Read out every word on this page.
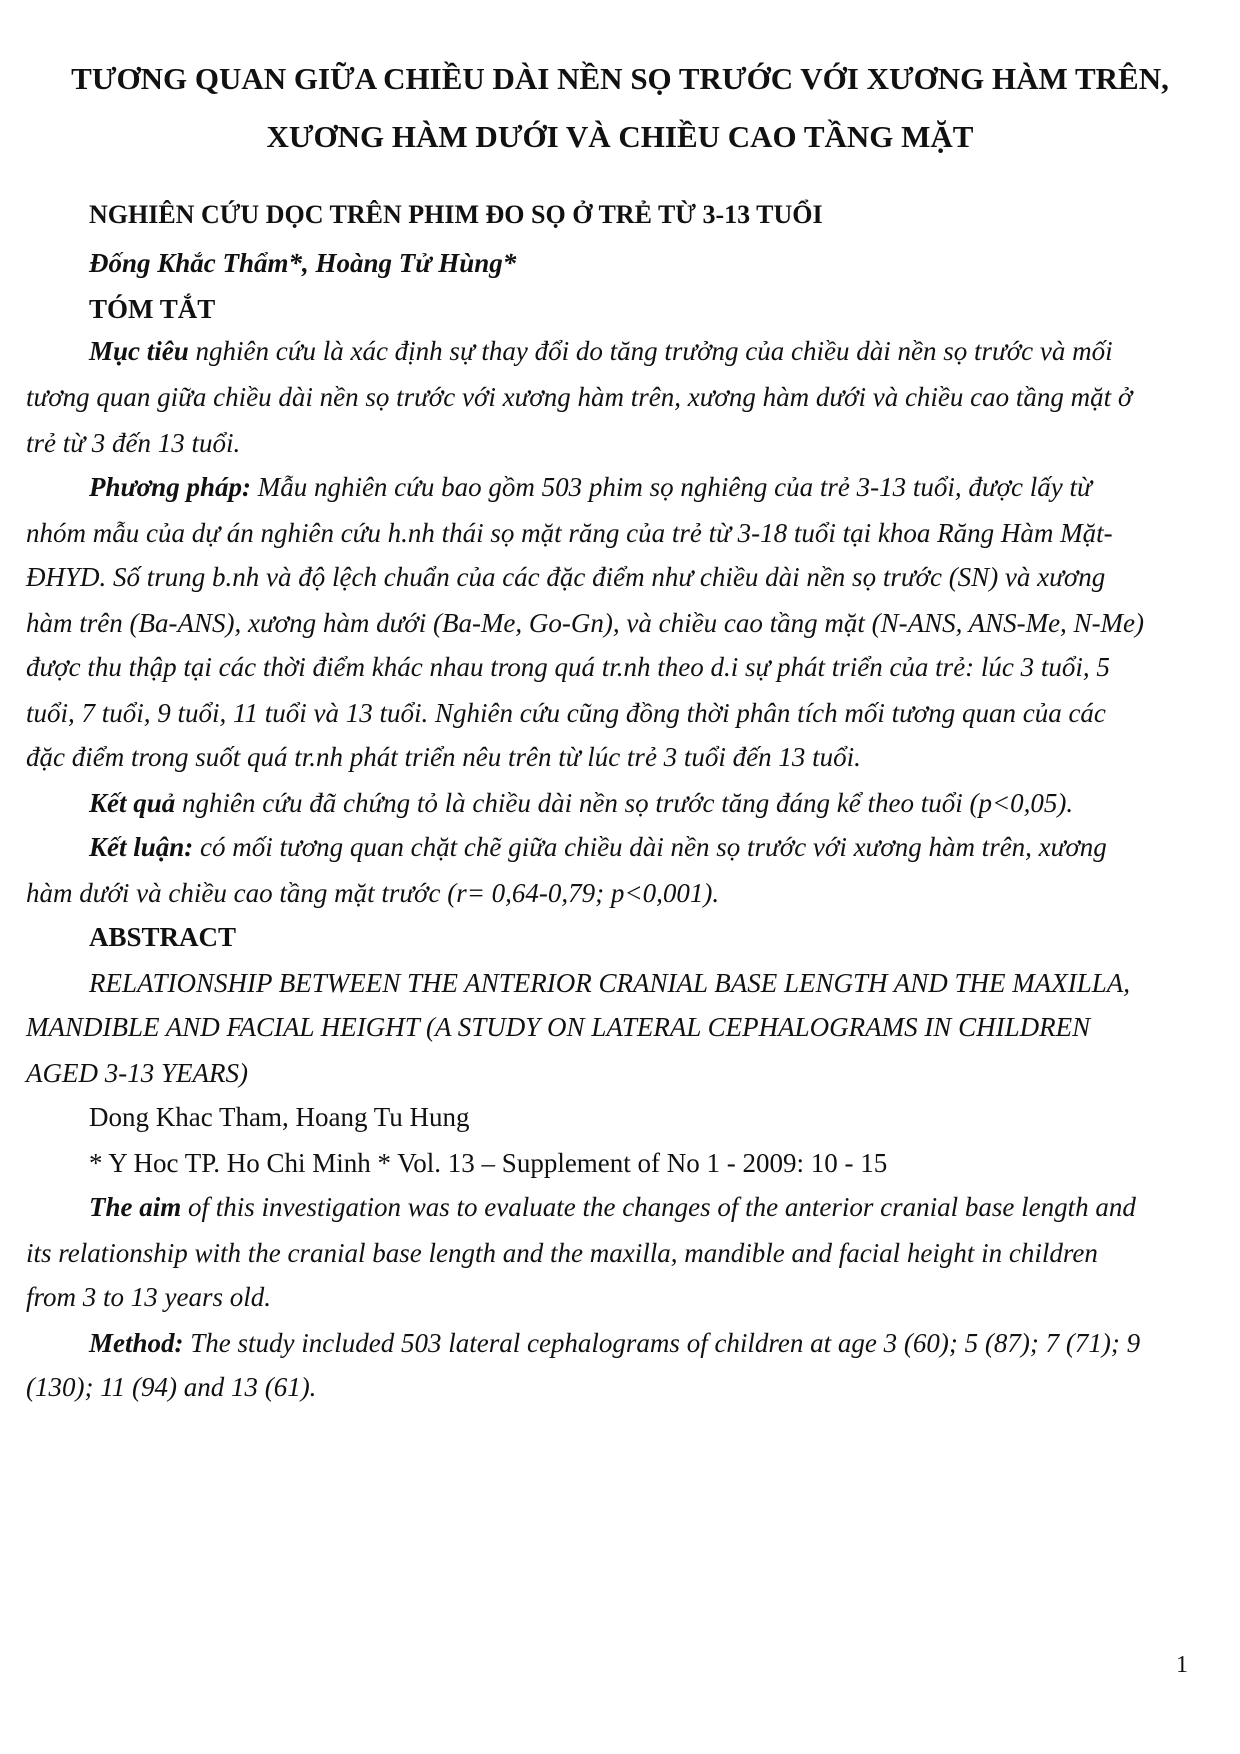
TƯƠNG QUAN GIỮA CHIỀU DÀI NỀN SỌ TRƯỚC VỚI XƯƠNG HÀM TRÊN,
XƯƠNG HÀM DƯỚI VÀ CHIỀU CAO TẦNG MẶT
NGHIÊN CỨU DỌC TRÊN PHIM ĐO SỌ Ở TRẺ TỪ 3-13 TUỔI
Đống Khắc Thẩm*, Hoàng Tử Hùng*
TÓM TẮT
Mục tiêu nghiên cứu là xác định sự thay đổi do tăng trưởng của chiều dài nền sọ trước và mối
tương quan giữa chiều dài nền sọ trước với xương hàm trên, xương hàm dưới và chiều cao tầng mặt ở
trẻ từ 3 đến 13 tuổi.
Phương pháp: Mẫu nghiên cứu bao gồm 503 phim sọ nghiêng của trẻ 3-13 tuổi, được lấy từ
nhóm mẫu của dự án nghiên cứu h.nh thái sọ mặt răng của trẻ từ 3-18 tuổi tại khoa Răng Hàm Mặt-
ĐHYD. Số trung b.nh và độ lệch chuẩn của các đặc điểm như chiều dài nền sọ trước (SN) và xương
hàm trên (Ba-ANS), xương hàm dưới (Ba-Me, Go-Gn), và chiều cao tầng mặt (N-ANS, ANS-Me, N-Me)
được thu thập tại các thời điểm khác nhau trong quá tr.nh theo d.i sự phát triển của trẻ: lúc 3 tuổi, 5
tuổi, 7 tuổi, 9 tuổi, 11 tuổi và 13 tuổi. Nghiên cứu cũng đồng thời phân tích mối tương quan của các
đặc điểm trong suốt quá tr.nh phát triển nêu trên từ lúc trẻ 3 tuổi đến 13 tuổi.
Kết quả nghiên cứu đã chứng tỏ là chiều dài nền sọ trước tăng đáng kể theo tuổi (p<0,05).
Kết luận: có mối tương quan chặt chẽ giữa chiều dài nền sọ trước với xương hàm trên, xương
hàm dưới và chiều cao tầng mặt trước (r= 0,64-0,79; p<0,001).
ABSTRACT
RELATIONSHIP BETWEEN THE ANTERIOR CRANIAL BASE LENGTH AND THE MAXILLA,
MANDIBLE AND FACIAL HEIGHT (A STUDY ON LATERAL CEPHALOGRAMS IN CHILDREN
AGED 3-13 YEARS)
Dong Khac Tham, Hoang Tu Hung
* Y Hoc TP. Ho Chi Minh * Vol. 13 – Supplement of No 1 - 2009: 10 - 15
The aim of this investigation was to evaluate the changes of the anterior cranial base length and
its relationship with the cranial base length and the maxilla, mandible and facial height in children
from 3 to 13 years old.
Method: The study included 503 lateral cephalograms of children at age 3 (60); 5 (87); 7 (71); 9
(130); 11 (94) and 13 (61).
1
